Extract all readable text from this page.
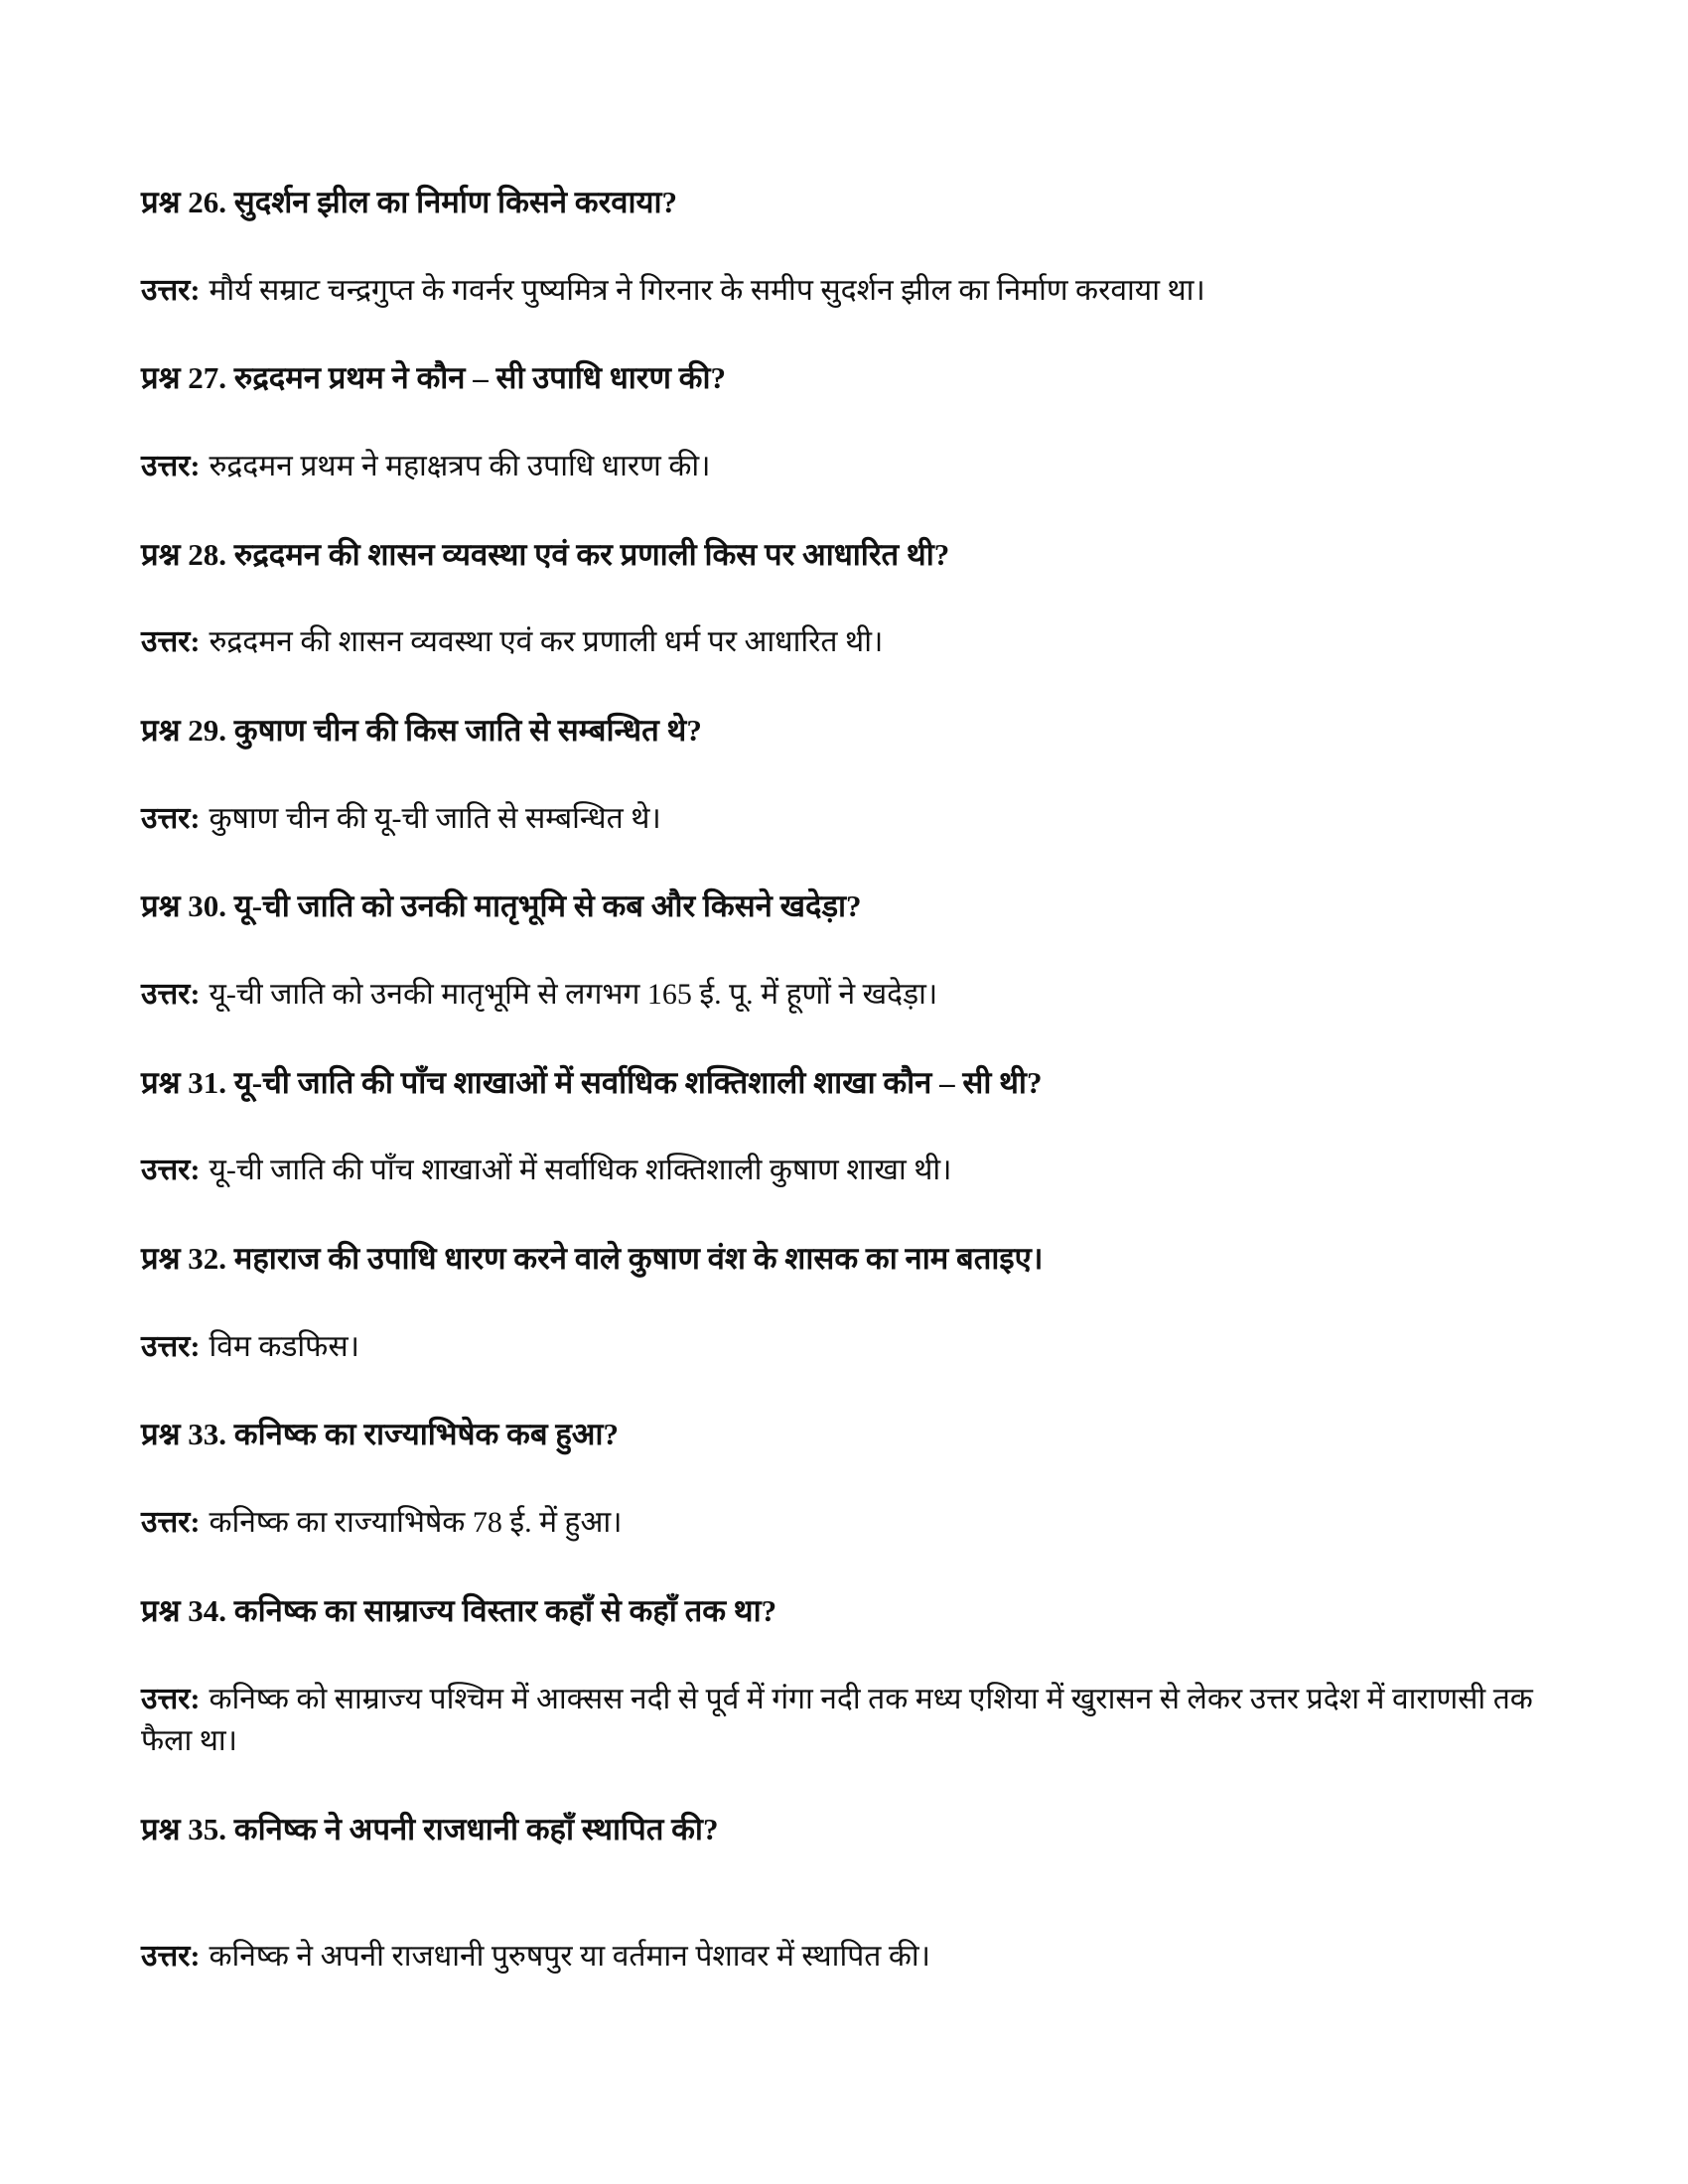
प्रश्न 26. सुदर्शन झील का निर्माण किसने करवाया?

उत्तर: मौर्य सम्राट चन्द्रगुप्त के गवर्नर पुष्यमित्र ने गिरनार के समीप सुदर्शन झील का निर्माण करवाया था।

प्रश्न 27. रुद्रदमन प्रथम ने कौन – सी उपाधि धारण की?

उत्तर: रुद्रदमन प्रथम ने महाक्षत्रप की उपाधि धारण की।

प्रश्न 28. रुद्रदमन की शासन व्यवस्था एवं कर प्रणाली किस पर आधारित थी?

उत्तर: रुद्रदमन की शासन व्यवस्था एवं कर प्रणाली धर्म पर आधारित थी।

प्रश्न 29. कुषाण चीन की किस जाति से सम्बन्धित थे?

उत्तर: कुषाण चीन की यू-ची जाति से सम्बन्धित थे।

प्रश्न 30. यू-ची जाति को उनकी मातृभूमि से कब और किसने खदेड़ा?

उत्तर: यू-ची जाति को उनकी मातृभूमि से लगभग 165 ई. पू. में हूणों ने खदेड़ा।

प्रश्न 31. यू-ची जाति की पाँच शाखाओं में सर्वाधिक शक्तिशाली शाखा कौन – सी थी?

उत्तर: यू-ची जाति की पाँच शाखाओं में सर्वाधिक शक्तिशाली कुषाण शाखा थी।

प्रश्न 32. महाराज की उपाधि धारण करने वाले कुषाण वंश के शासक का नाम बताइए।

उत्तर: विम कडफिस।

प्रश्न 33. कनिष्क का राज्याभिषेक कब हुआ?

उत्तर: कनिष्क का राज्याभिषेक 78 ई. में हुआ।

प्रश्न 34. कनिष्क का साम्राज्य विस्तार कहाँ से कहाँ तक था?

उत्तर: कनिष्क को साम्राज्य पश्चिम में आक्सस नदी से पूर्व में गंगा नदी तक मध्य एशिया में खुरासन से लेकर उत्तर प्रदेश में वाराणसी तक फैला था।

प्रश्न 35. कनिष्क ने अपनी राजधानी कहाँ स्थापित की?

उत्तर: कनिष्क ने अपनी राजधानी पुरुषपुर या वर्तमान पेशावर में स्थापित की।
